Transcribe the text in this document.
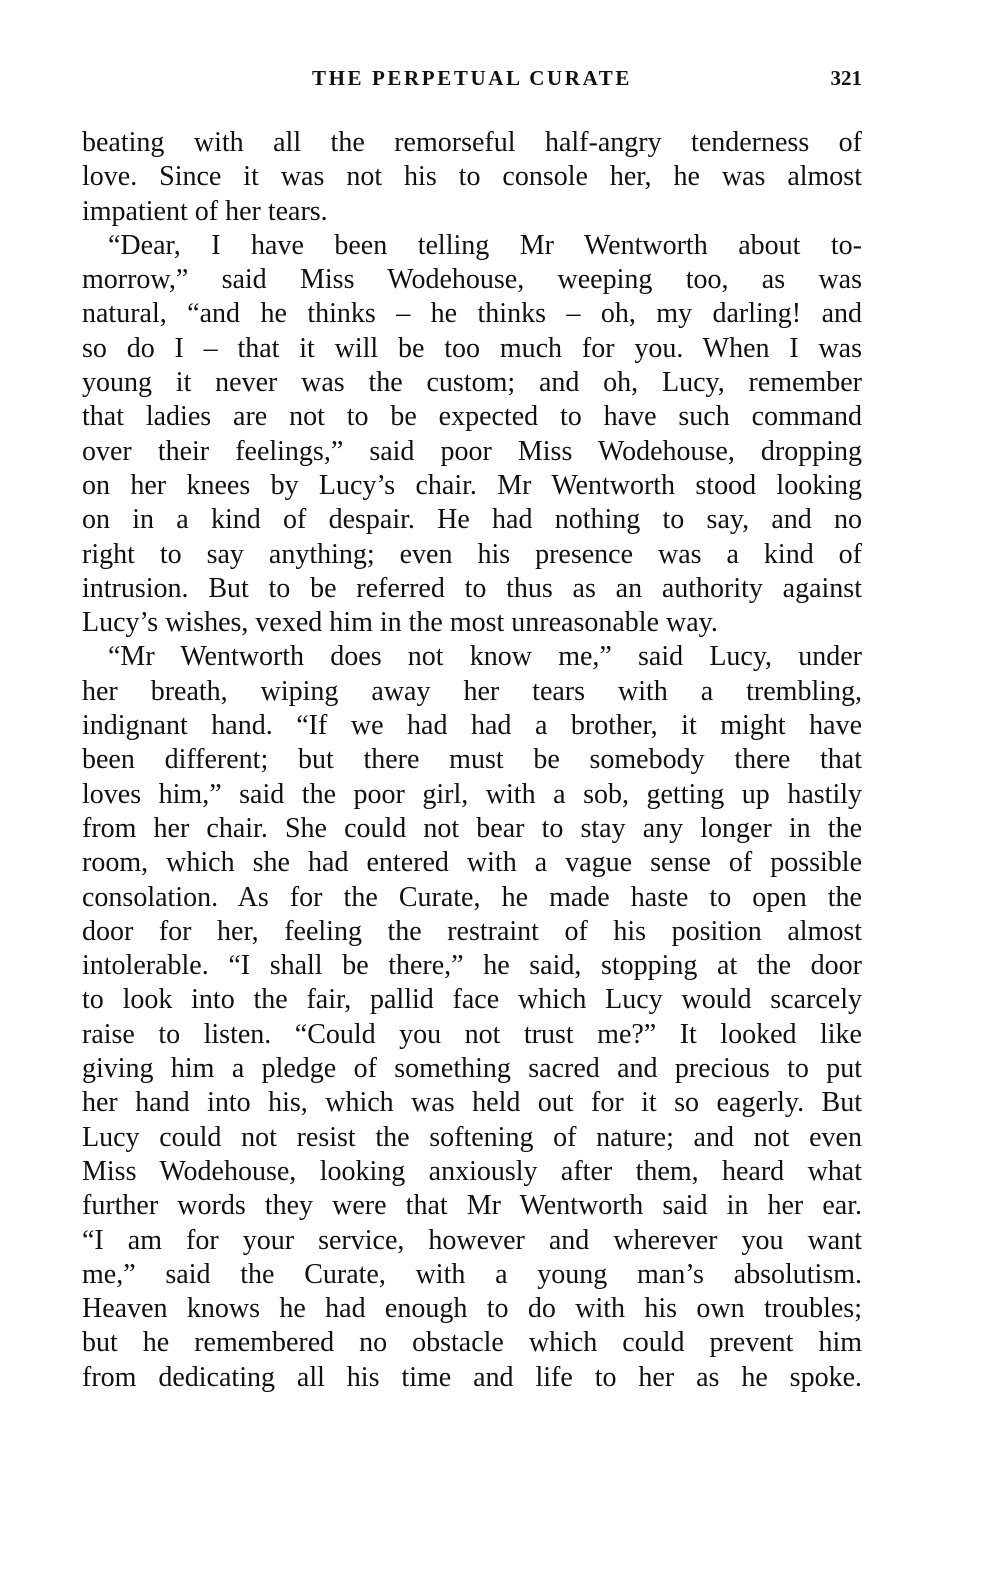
THE PERPETUAL CURATE	321

beating with all the remorseful half-angry tenderness of
love. Since it was not his to console her, he was almost
impatient of her tears.

“Dear, I have been telling Mr Wentworth about to-
morrow,” said Miss Wodehouse, weeping too, as was
natural, “and he thinks – he thinks – oh, my darling! and
so do I – that it will be too much for you. When I was
young it never was the custom; and oh, Lucy, remember
that ladies are not to be expected to have such command
over their feelings,” said poor Miss Wodehouse, dropping
on her knees by Lucy’s chair. Mr Wentworth stood looking
on in a kind of despair. He had nothing to say, and no
right to say anything; even his presence was a kind of
intrusion. But to be referred to thus as an authority against
Lucy’s wishes, vexed him in the most unreasonable way.

“Mr Wentworth does not know me,” said Lucy, under
her breath, wiping away her tears with a trembling,
indignant hand. “If we had had a brother, it might have
been different; but there must be somebody there that
loves him,” said the poor girl, with a sob, getting up hastily
from her chair. She could not bear to stay any longer in the
room, which she had entered with a vague sense of possible
consolation. As for the Curate, he made haste to open the
door for her, feeling the restraint of his position almost
intolerable. “I shall be there,” he said, stopping at the door
to look into the fair, pallid face which Lucy would scarcely
raise to listen. “Could you not trust me?” It looked like
giving him a pledge of something sacred and precious to put
her hand into his, which was held out for it so eagerly. But
Lucy could not resist the softening of nature; and not even
Miss Wodehouse, looking anxiously after them, heard what
further words they were that Mr Wentworth said in her ear.
“I am for your service, however and wherever you want
me,” said the Curate, with a young man’s absolutism.
Heaven knows he had enough to do with his own troubles;
but he remembered no obstacle which could prevent him
from dedicating all his time and life to her as he spoke.
